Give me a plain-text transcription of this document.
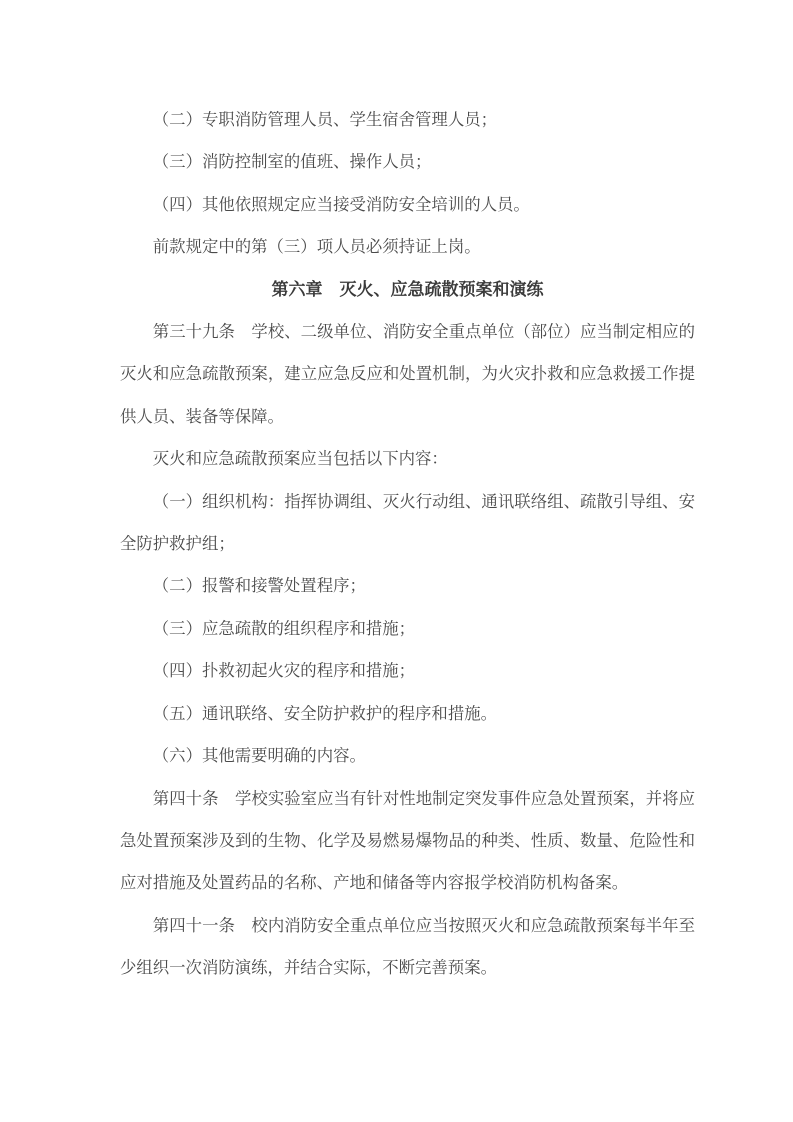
（二）专职消防管理人员、学生宿舍管理人员；

（三）消防控制室的值班、操作人员；

（四）其他依照规定应当接受消防安全培训的人员。

前款规定中的第（三）项人员必须持证上岗。

第六章　灭火、应急疏散预案和演练

第三十九条　学校、二级单位、消防安全重点单位（部位）应当制定相应的灭火和应急疏散预案，建立应急反应和处置机制，为火灾扑救和应急救援工作提供人员、装备等保障。

灭火和应急疏散预案应当包括以下内容：

（一）组织机构：指挥协调组、灭火行动组、通讯联络组、疏散引导组、安全防护救护组；

（二）报警和接警处置程序；

（三）应急疏散的组织程序和措施；

（四）扑救初起火灾的程序和措施；

（五）通讯联络、安全防护救护的程序和措施。

（六）其他需要明确的内容。

第四十条　学校实验室应当有针对性地制定突发事件应急处置预案，并将应急处置预案涉及到的生物、化学及易燃易爆物品的种类、性质、数量、危险性和应对措施及处置药品的名称、产地和储备等内容报学校消防机构备案。

第四十一条　校内消防安全重点单位应当按照灭火和应急疏散预案每半年至少组织一次消防演练，并结合实际，不断完善预案。
